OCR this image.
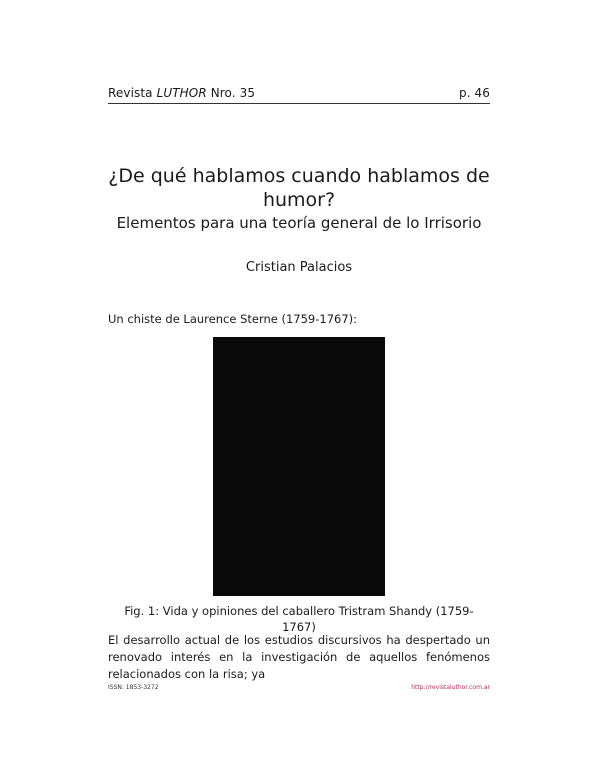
Revista LUTHOR Nro. 35	p. 46
¿De qué hablamos cuando hablamos de
humor?
Elementos para una teoría general de lo Irrisorio
Cristian Palacios
Un chiste de Laurence Sterne (1759-1767):
Fig. 1: Vida y opiniones del caballero Tristram Shandy (1759-1767)

El desarrollo actual de los estudios discursivos ha despertado un renovado interés en la investigación de aquellos fenómenos relacionados con la risa; ya

ISSN: 1853-3272	http://revistaluthor.com.ar
